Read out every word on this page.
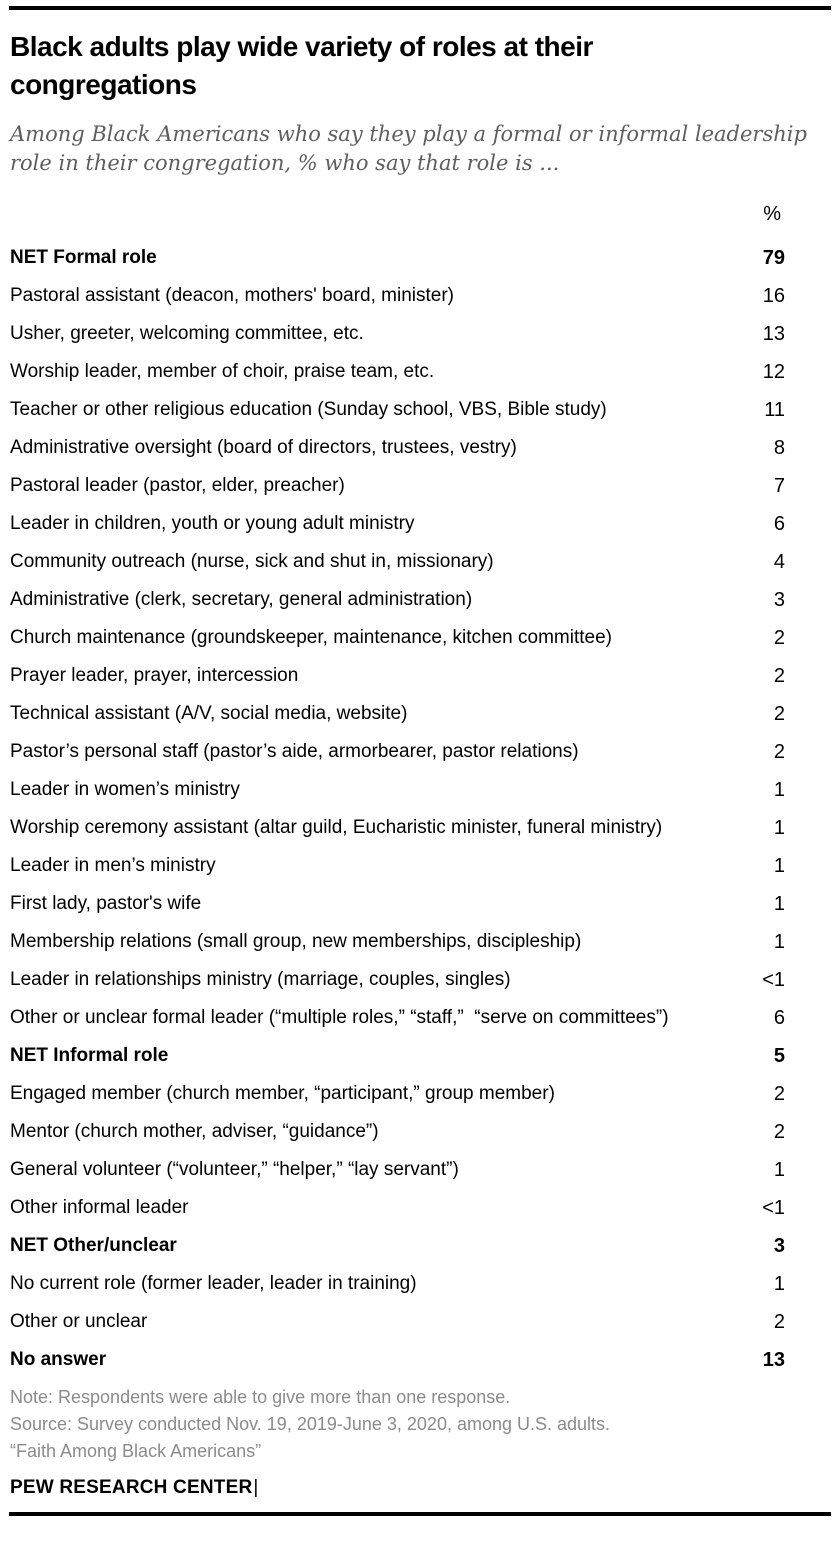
Black adults play wide variety of roles at their congregations

Among Black Americans who say they play a formal or informal leadership role in their congregation, % who say that role is ...

%
NET Formal role	79
Pastoral assistant (deacon, mothers' board, minister)	16
Usher, greeter, welcoming committee, etc.	13
Worship leader, member of choir, praise team, etc.	12
Teacher or other religious education (Sunday school, VBS, Bible study)	11
Administrative oversight (board of directors, trustees, vestry)	8
Pastoral leader (pastor, elder, preacher)	7
Leader in children, youth or young adult ministry	6
Community outreach (nurse, sick and shut in, missionary)	4
Administrative (clerk, secretary, general administration)	3
Church maintenance (groundskeeper, maintenance, kitchen committee)	2
Prayer leader, prayer, intercession	2
Technical assistant (A/V, social media, website)	2
Pastor’s personal staff (pastor’s aide, armorbearer, pastor relations)	2
Leader in women’s ministry	1
Worship ceremony assistant (altar guild, Eucharistic minister, funeral ministry)	1
Leader in men’s ministry	1
First lady, pastor's wife	1
Membership relations (small group, new memberships, discipleship)	1
Leader in relationships ministry (marriage, couples, singles)	<1
Other or unclear formal leader (“multiple roles,” “staff,”  “serve on committees”)	6
NET Informal role	5
Engaged member (church member, “participant,” group member)	2
Mentor (church mother, adviser, “guidance”)	2
General volunteer (“volunteer,” “helper,” “lay servant”)	1
Other informal leader	<1
NET Other/unclear	3
No current role (former leader, leader in training)	1
Other or unclear	2
No answer	13

Note: Respondents were able to give more than one response.

Source: Survey conducted Nov. 19, 2019-June 3, 2020, among U.S. adults.

“Faith Among Black Americans”

PEW RESEARCH CENTER|
